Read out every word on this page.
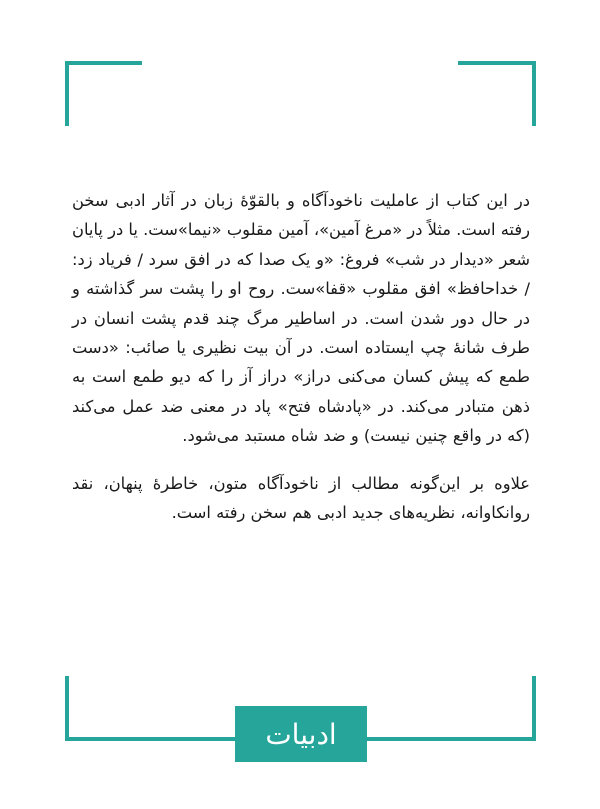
در این کتاب از عاملیت ناخودآگاه و بالقوّهٔ زبان در آثار ادبی سخن رفته است. مثلاً در «مرغ آمین»، آمین مقلوب «نیما»ست. یا در پایان شعر «دیدار در شب» فروغ: «و یک صدا که در افق سرد / فریاد زد: / خداحافظ» افق مقلوب «قفا»ست. روح او را پشت سر گذاشته و در حال دور شدن است. در اساطیر مرگ چند قدم پشت انسان در طرف شانهٔ چپ ایستاده است. در آن بیت نظیری یا صائب: «دست طمع که پیش کسان می‌کنی دراز» دراز آز را که دیو طمع است به ذهن متبادر می‌کند. در «پادشاه فتح» پاد در معنی ضد عمل می‌کند (که در واقع چنین نیست) و ضد شاه مستبد می‌شود.

علاوه بر این‌گونه مطالب از ناخودآگاه متون، خاطرهٔ پنهان، نقد روانکاوانه، نظریه‌های جدید ادبی هم سخن رفته است.

ادبیات
